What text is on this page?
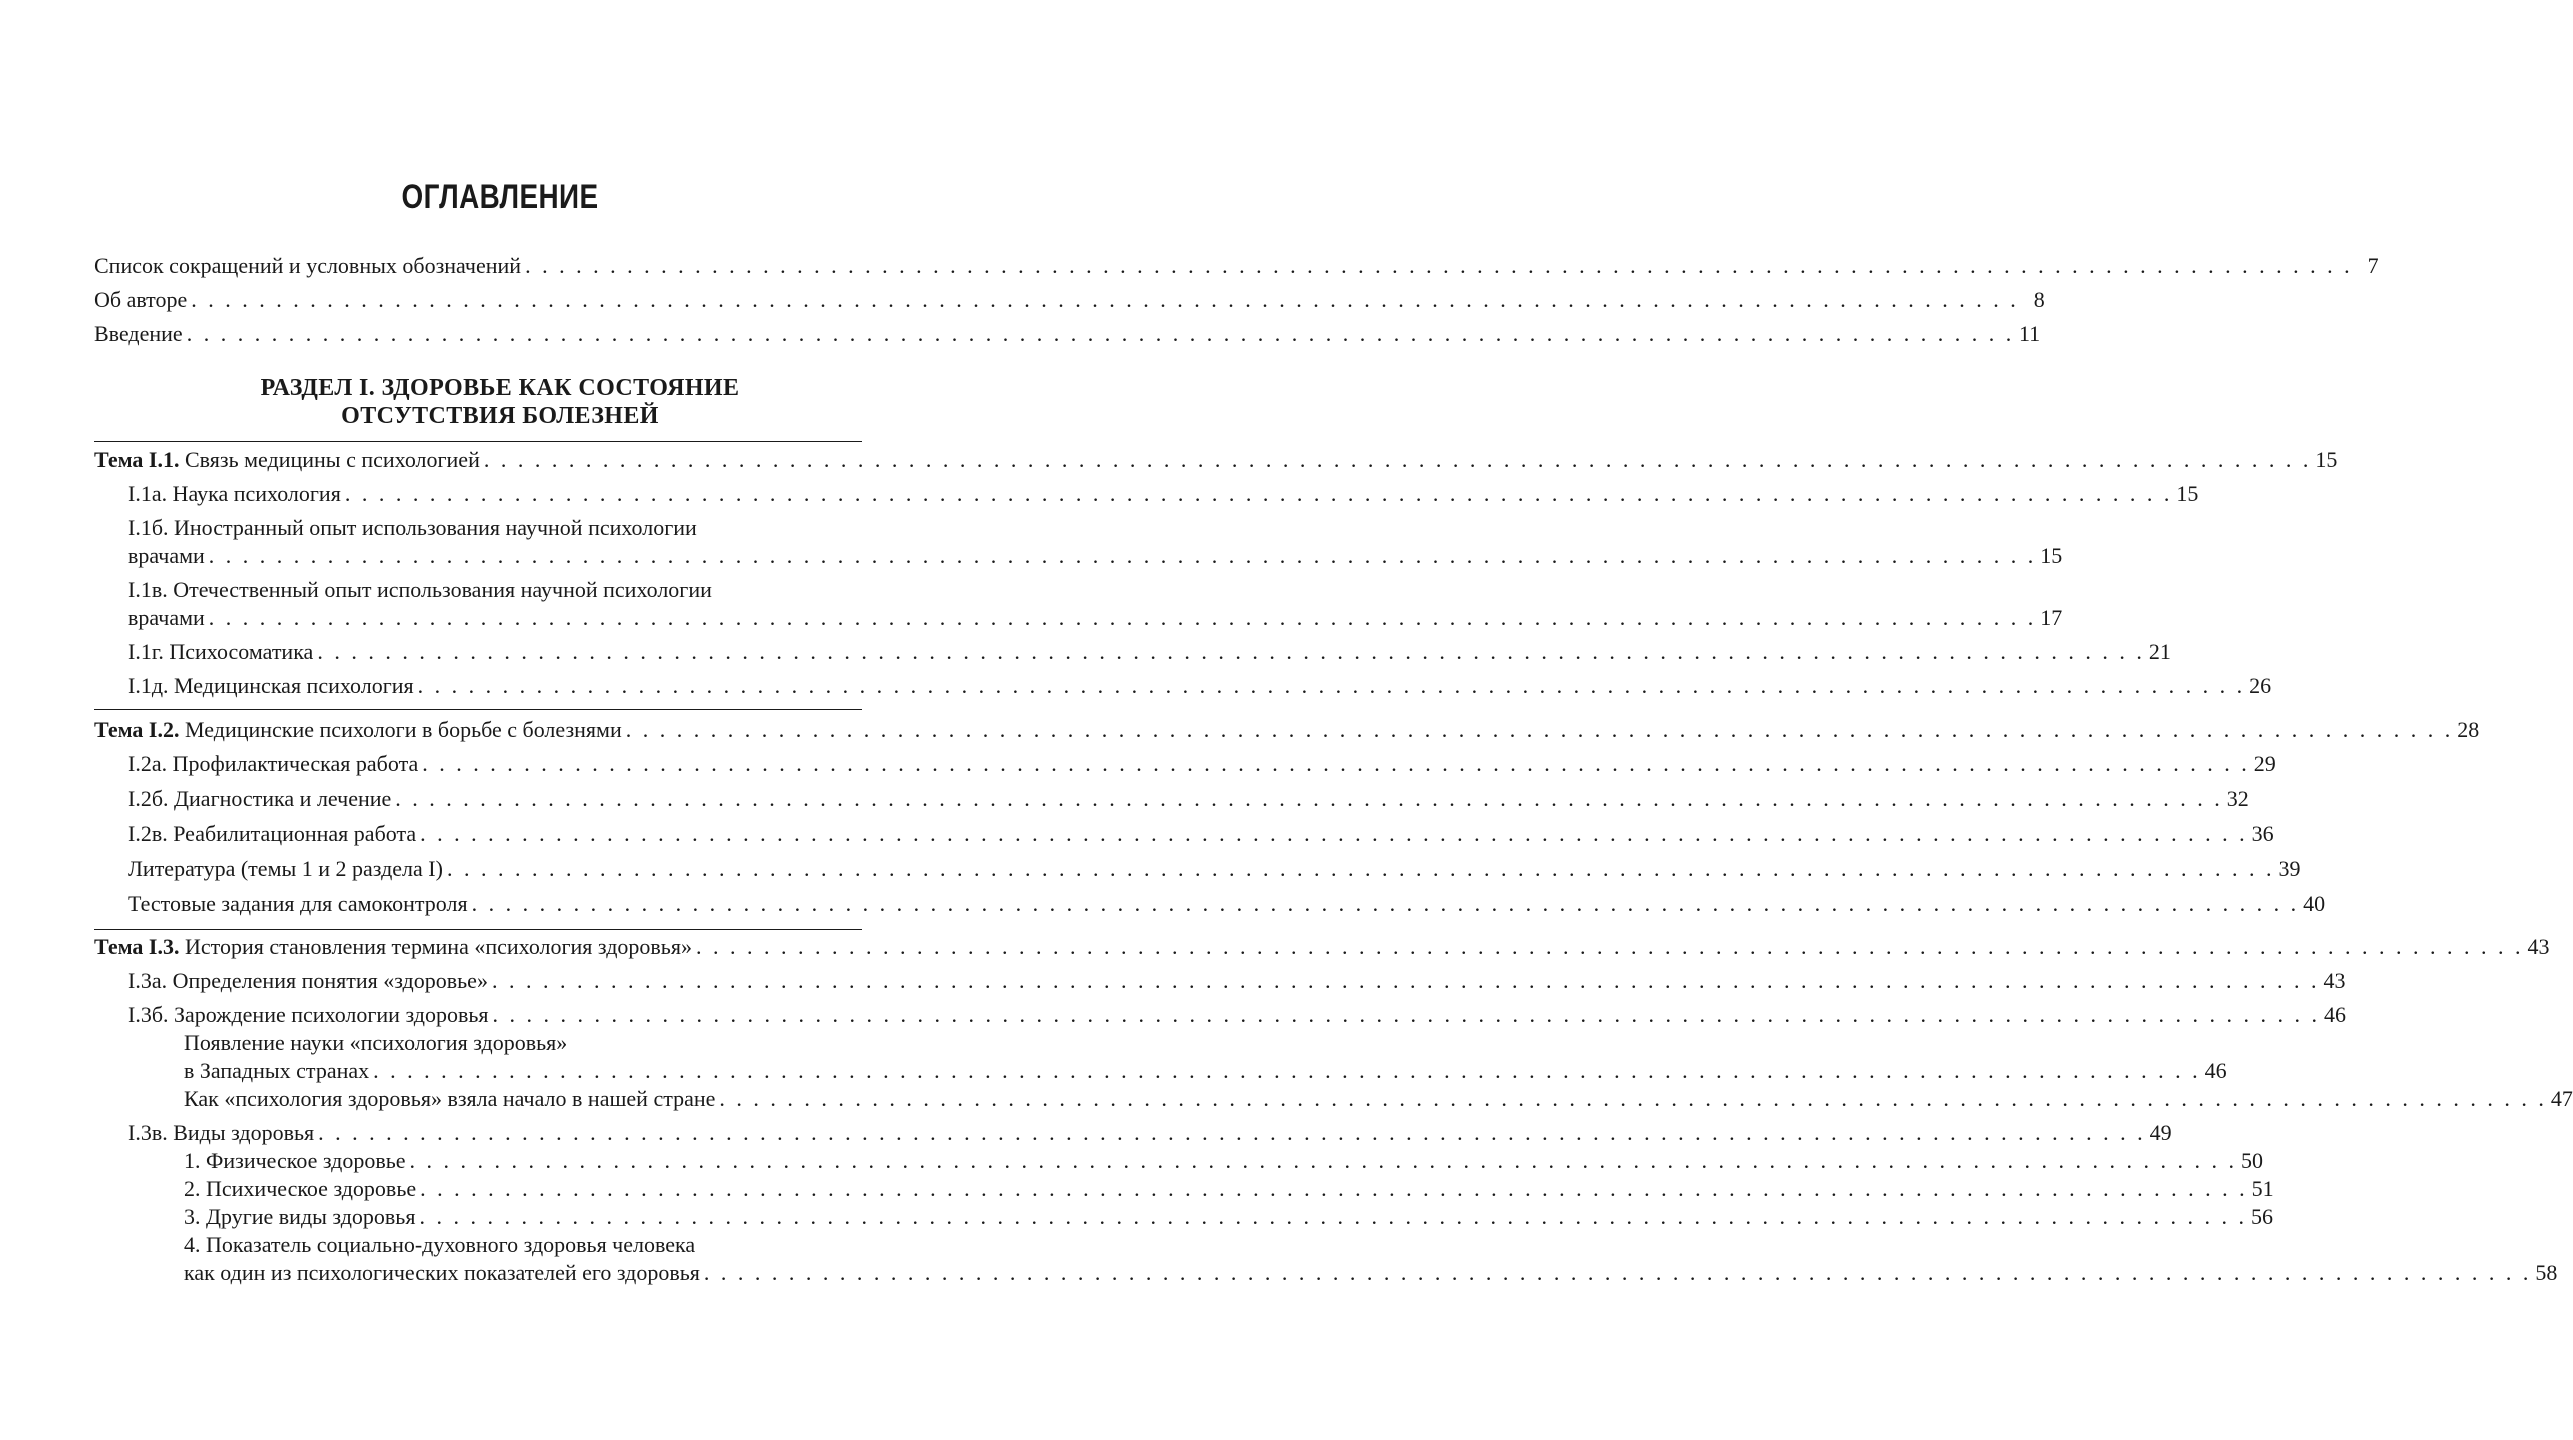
ОГЛАВЛЕНИЕ
Список сокращений и условных обозначений . . .	7
Об авторе . . .	8
Введение . . .	11
РАЗДЕЛ I. ЗДОРОВЬЕ КАК СОСТОЯНИЕ
ОТСУТСТВИЯ БОЛЕЗНЕЙ
Тема I.1. Связь медицины с психологией . . .	15
I.1а. Наука психология . . .	15
I.1б. Иностранный опыт использования научной психологии
врачами . . .	15
I.1в. Отечественный опыт использования научной психологии
врачами . . .	17
I.1г. Психосоматика . . .	21
I.1д. Медицинская психология . . .	26
Тема I.2. Медицинские психологи в борьбе с болезнями . . .	28
I.2а. Профилактическая работа . . .	29
I.2б. Диагностика и лечение . . .	32
I.2в. Реабилитационная работа . . .	36
Литература (темы 1 и 2 раздела I) . . .	39
Тестовые задания для самоконтроля . . .	40
Тема I.3. История становления термина «психология здоровья» . . .	43
I.3а. Определения понятия «здоровье» . . .	43
I.3б. Зарождение психологии здоровья . . .	46
Появление науки «психология здоровья»
в Западных странах . . .	46
Как «психология здоровья» взяла начало в нашей стране . . .	47
I.3в. Виды здоровья . . .	49
1. Физическое здоровье . . .	50
2. Психическое здоровье . . .	51
3. Другие виды здоровья . . .	56
4. Показатель социально-духовного здоровья человека
как один из психологических показателей его здоровья . . .	58
